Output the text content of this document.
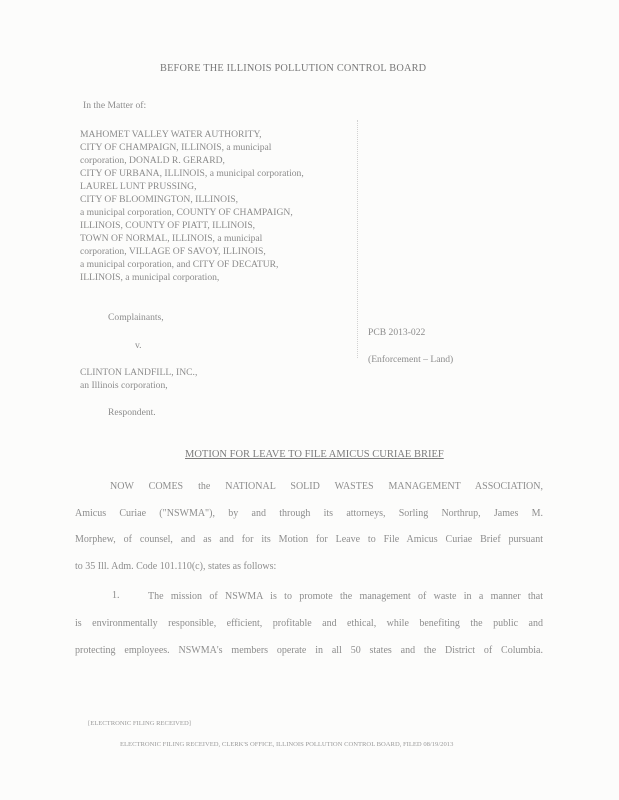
BEFORE THE ILLINOIS POLLUTION CONTROL BOARD
In the Matter of:
MAHOMET VALLEY WATER AUTHORITY,
CITY OF CHAMPAIGN, ILLINOIS, a municipal
corporation, DONALD R. GERARD,
CITY OF URBANA, ILLINOIS, a municipal corporation,
LAUREL LUNT PRUSSING,
CITY OF BLOOMINGTON, ILLINOIS,
a municipal corporation, COUNTY OF CHAMPAIGN,
ILLINOIS, COUNTY OF PIATT, ILLINOIS,
TOWN OF NORMAL, ILLINOIS, a municipal
corporation, VILLAGE OF SAVOY, ILLINOIS,
a municipal corporation, and CITY OF DECATUR,
ILLINOIS, a municipal corporation,
Complainants,
v.
CLINTON LANDFILL, INC.,
an Illinois corporation,
Respondent.
PCB 2013-022
(Enforcement – Land)
MOTION FOR LEAVE TO FILE AMICUS CURIAE BRIEF
NOW COMES the NATIONAL SOLID WASTES MANAGEMENT ASSOCIATION,
Amicus Curiae ("NSWMA"), by and through its attorneys, Sorling Northrup, James M.
Morphew, of counsel, and as and for its Motion for Leave to File Amicus Curiae Brief pursuant
to 35 Ill. Adm. Code 101.110(c), states as follows:
1.	The mission of NSWMA is to promote the management of waste in a manner that
is environmentally responsible, efficient, profitable and ethical, while benefiting the public and
protecting employees. NSWMA's members operate in all 50 states and the District of Columbia.
[ELECTRONIC FILING RECEIVED]
ELECTRONIC FILING RECEIVED, CLERK'S OFFICE, ILLINOIS POLLUTION CONTROL BOARD, FILED 08/19/2013
